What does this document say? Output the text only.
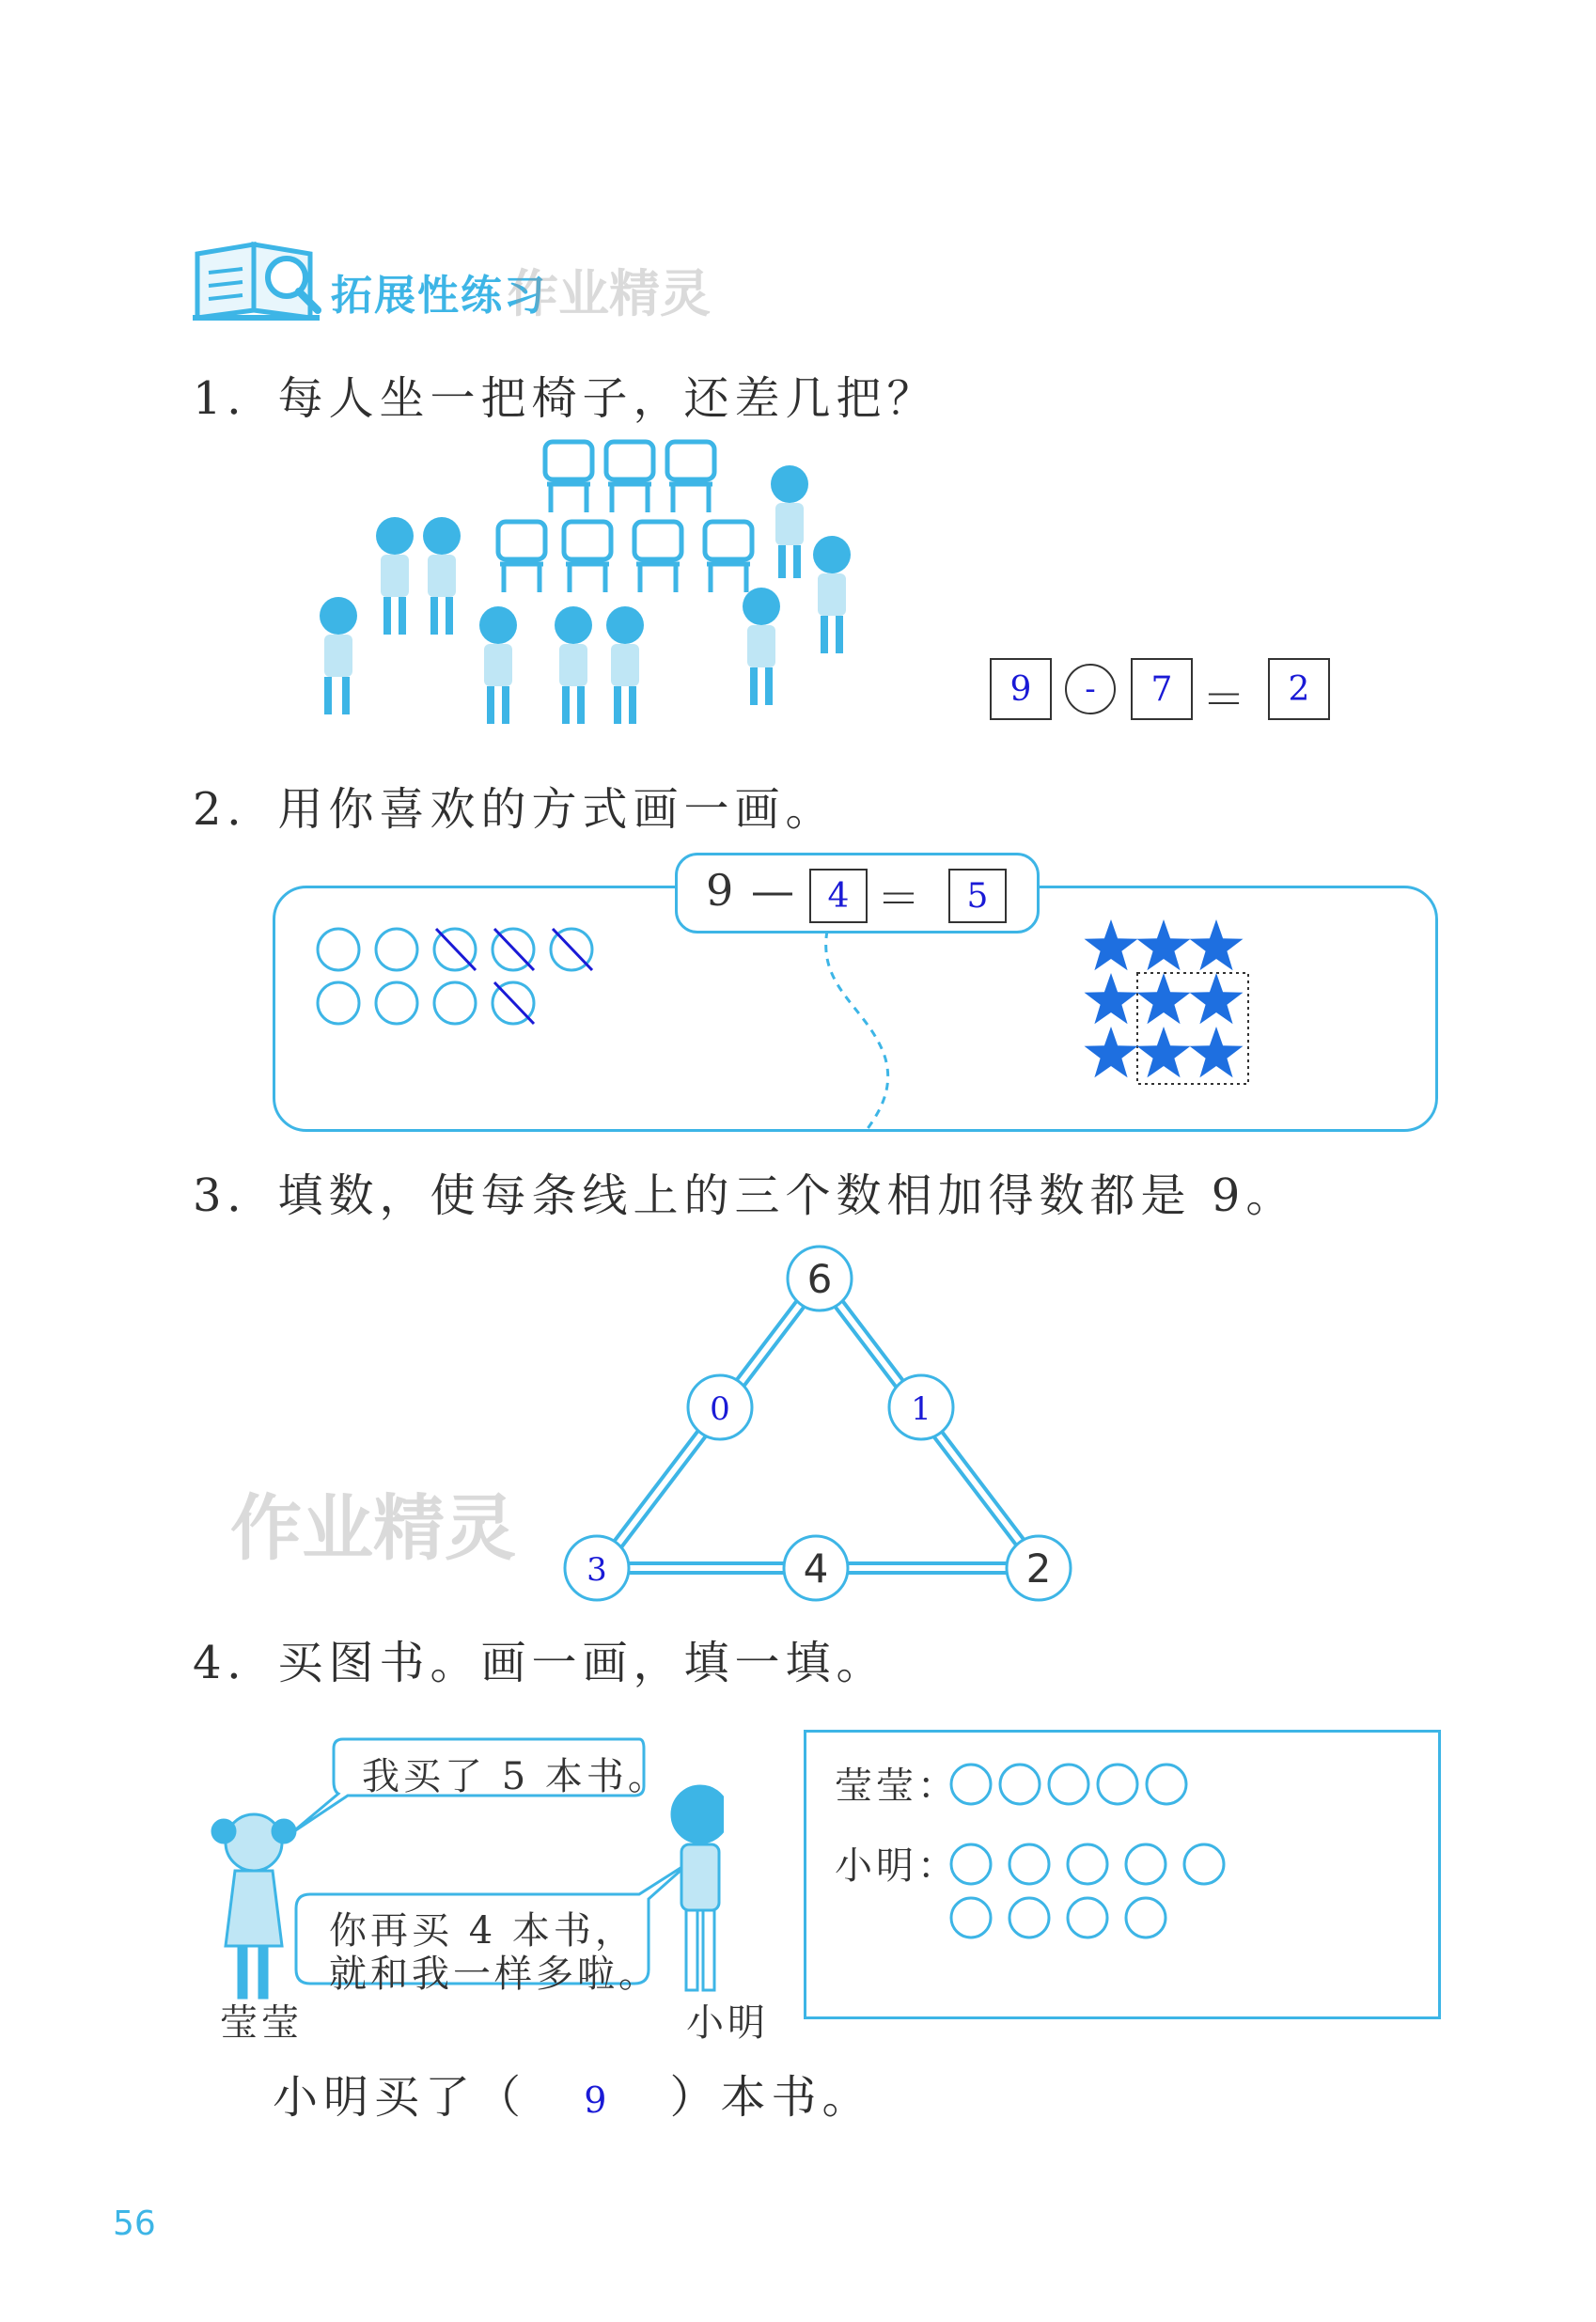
拓展性练习
作业精灵
1．每人坐一把椅子，还差几把？
9	-	7 ＝	2
2．用你喜欢的方式画一画。
9 — 4 ＝	5
3．填数，使每条线上的三个数相加得数都是 9。
作业精灵
6
0	1
3	4	2
4．买图书。画一画，填一填。
我买了 5 本书。
你再买 4 本书，
就和我一样多啦。
莹莹	小明
莹莹：
小明：
小明买了（ 9 ）本书。
56
